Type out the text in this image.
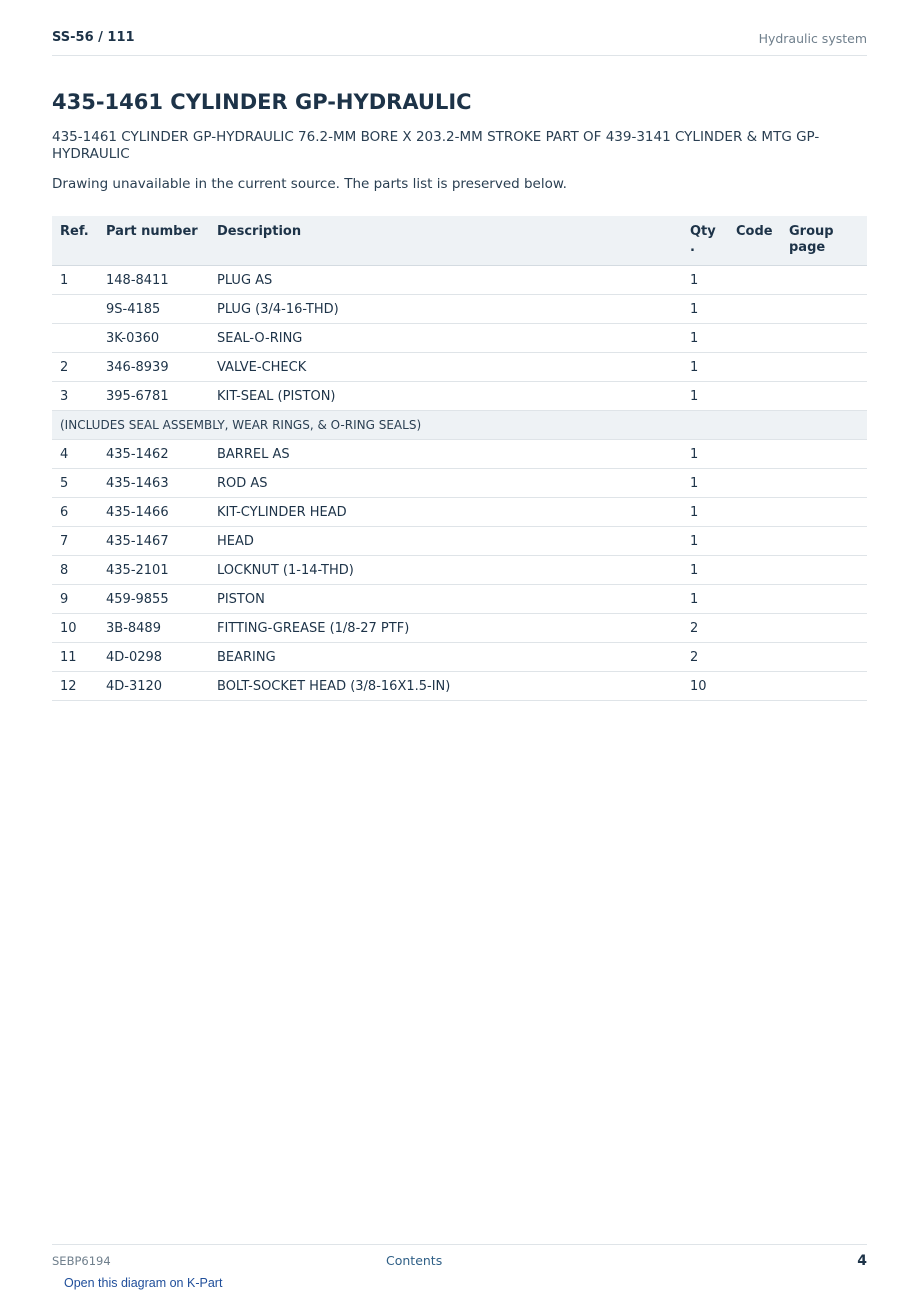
SS-56 / 111	Hydraulic system
435-1461 CYLINDER GP-HYDRAULIC

435-1461 CYLINDER GP-HYDRAULIC 76.2-MM BORE X 203.2-MM STROKE PART OF 439-3141 CYLINDER & MTG GP-HYDRAULIC

Drawing unavailable in the current source. The parts list is preserved below.

Ref.	Part number	Description	Qty .	Code	Group page
1	148-8411	PLUG AS	1		
	9S-4185	PLUG (3/4-16-THD)	1		
	3K-0360	SEAL-O-RING	1		
2	346-8939	VALVE-CHECK	1		
3	395-6781	KIT-SEAL (PISTON)	1		
(INCLUDES SEAL ASSEMBLY, WEAR RINGS, & O-RING SEALS)					
4	435-1462	BARREL AS	1		
5	435-1463	ROD AS	1		
6	435-1466	KIT-CYLINDER HEAD	1		
7	435-1467	HEAD	1		
8	435-2101	LOCKNUT (1-14-THD)	1		
9	459-9855	PISTON	1		
10	3B-8489	FITTING-GREASE (1/8-27 PTF)	2		
11	4D-0298	BEARING	2		
12	4D-3120	BOLT-SOCKET HEAD (3/8-16X1.5-IN)	10		
SEBP6194	Contents	4
Open this diagram on K-Part
